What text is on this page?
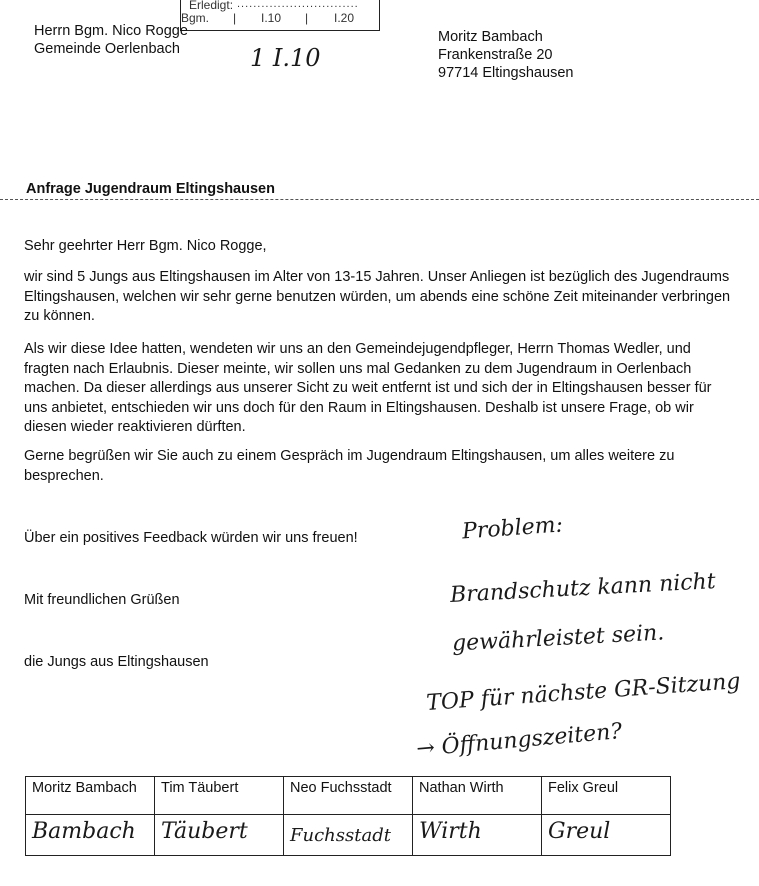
Erledigt: ..............................
Bgm. | I.10 | I.20
Herrn Bgm. Nico Rogge
Gemeinde Oerlenbach	1 I.10
Moritz Bambach
Frankenstraße 20
97714 Eltingshausen
Anfrage Jugendraum Eltingshausen
Sehr geehrter Herr Bgm. Nico Rogge,
wir sind 5 Jungs aus Eltingshausen im Alter von 13-15 Jahren. Unser Anliegen ist bezüglich des Jugendraums Eltingshausen, welchen wir sehr gerne benutzen würden, um abends eine schöne Zeit miteinander verbringen zu können.
Als wir diese Idee hatten, wendeten wir uns an den Gemeindejugendpfleger, Herrn Thomas Wedler, und fragten nach Erlaubnis. Dieser meinte, wir sollen uns mal Gedanken zu dem Jugendraum in Oerlenbach machen. Da dieser allerdings aus unserer Sicht zu weit entfernt ist und sich der in Eltingshausen besser für uns anbietet, entschieden wir uns doch für den Raum in Eltingshausen. Deshalb ist unsere Frage, ob wir diesen wieder reaktivieren dürften.
Gerne begrüßen wir Sie auch zu einem Gespräch im Jugendraum Eltingshausen, um alles weitere zu besprechen.
Über ein positives Feedback würden wir uns freuen!
Mit freundlichen Grüßen
die Jungs aus Eltingshausen
Problem:
Brandschutz kann nicht
gewährleistet sein.
TOP für nächste GR-Sitzung
→ Öffnungszeiten?
Moritz Bambach	Tim Täubert	Neo Fuchsstadt	Nathan Wirth	Felix Greul

Bambach	Täubert	Fuchsstadt	Wirth	Greul
